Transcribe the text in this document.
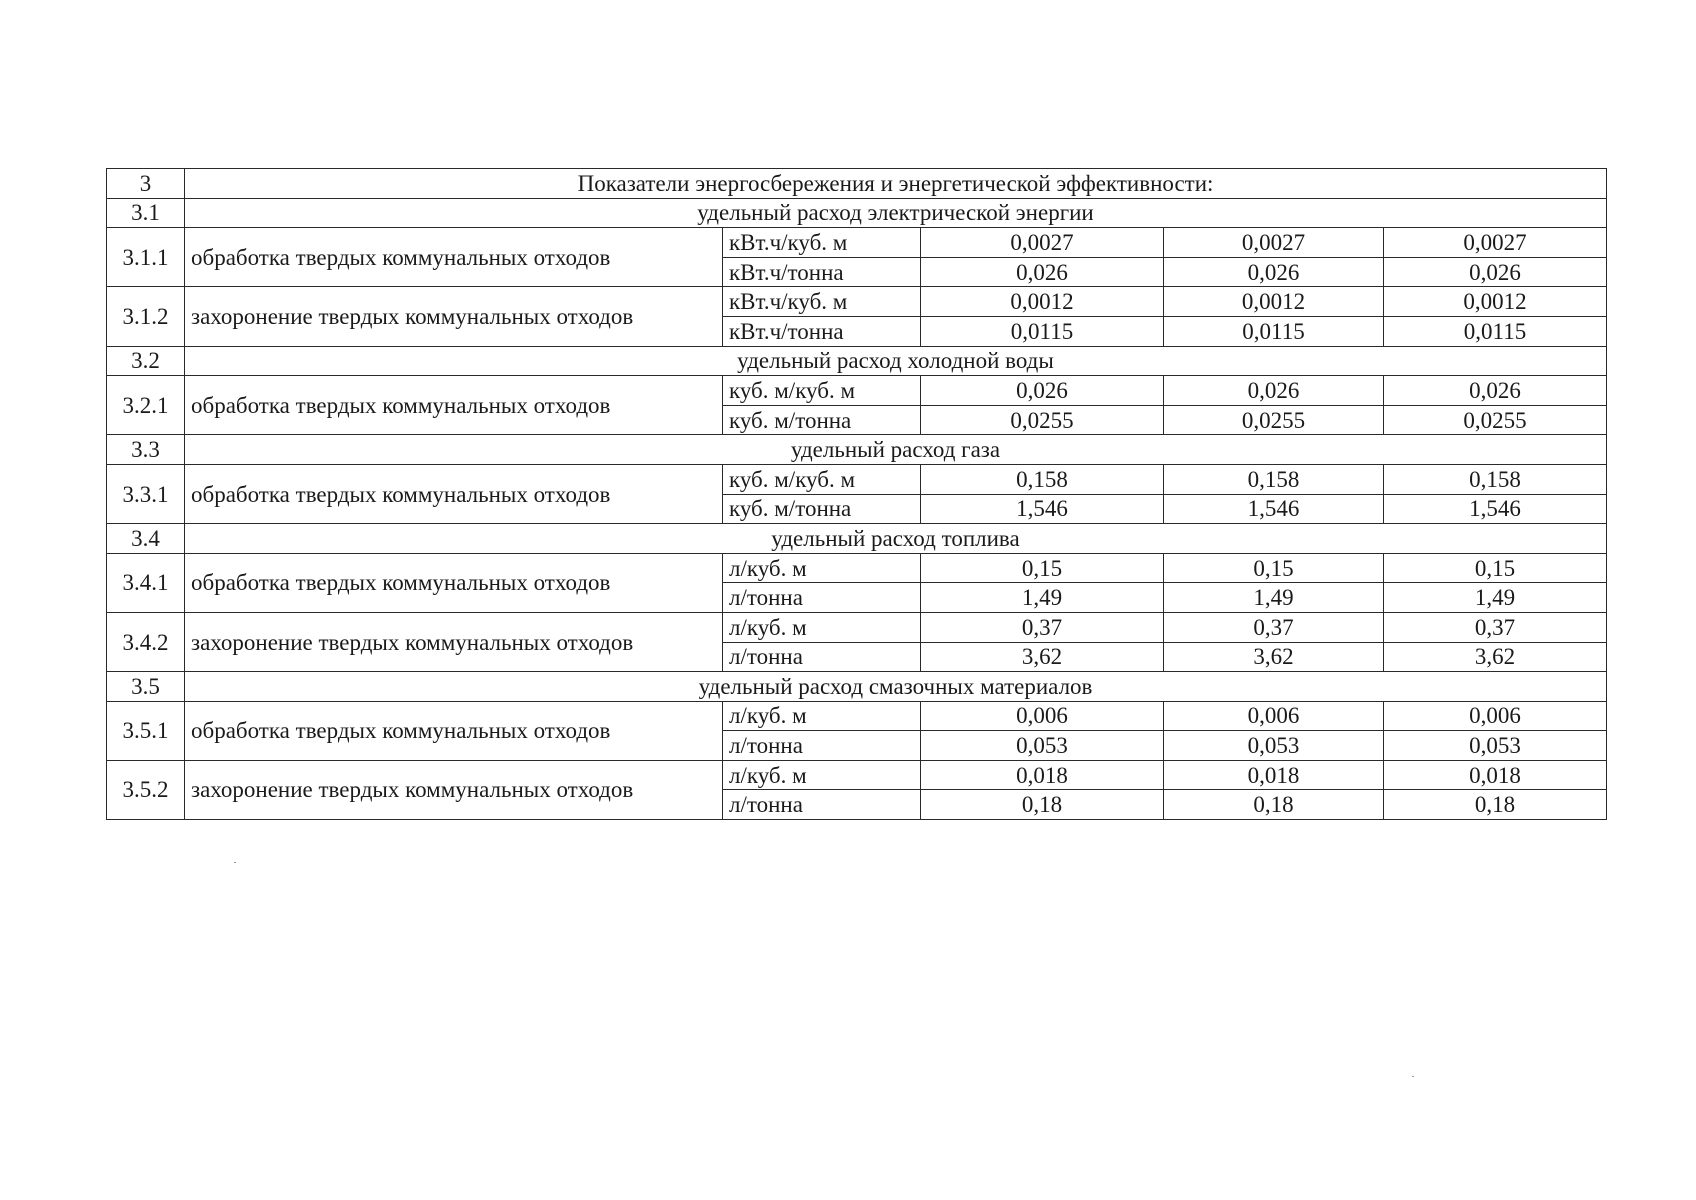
3	Показатели энергосбережения и энергетической эффективности:				
3.1	удельный расход электрической энергии				
3.1.1	обработка твердых коммунальных отходов	кВт.ч/куб. м	0,0027	0,0027	0,0027
		кВт.ч/тонна	0,026	0,026	0,026
3.1.2	захоронение твердых коммунальных отходов	кВт.ч/куб. м	0,0012	0,0012	0,0012
		кВт.ч/тонна	0,0115	0,0115	0,0115
3.2	удельный расход холодной воды				
3.2.1	обработка твердых коммунальных отходов	куб. м/куб. м	0,026	0,026	0,026
		куб. м/тонна	0,0255	0,0255	0,0255
3.3	удельный расход газа				
3.3.1	обработка твердых коммунальных отходов	куб. м/куб. м	0,158	0,158	0,158
		куб. м/тонна	1,546	1,546	1,546
3.4	удельный расход топлива				
3.4.1	обработка твердых коммунальных отходов	л/куб. м	0,15	0,15	0,15
		л/тонна	1,49	1,49	1,49
3.4.2	захоронение твердых коммунальных отходов	л/куб. м	0,37	0,37	0,37
		л/тонна	3,62	3,62	3,62
3.5	удельный расход смазочных материалов				
3.5.1	обработка твердых коммунальных отходов	л/куб. м	0,006	0,006	0,006
		л/тонна	0,053	0,053	0,053
3.5.2	захоронение твердых коммунальных отходов	л/куб. м	0,018	0,018	0,018
		л/тонна	0,18	0,18	0,18
